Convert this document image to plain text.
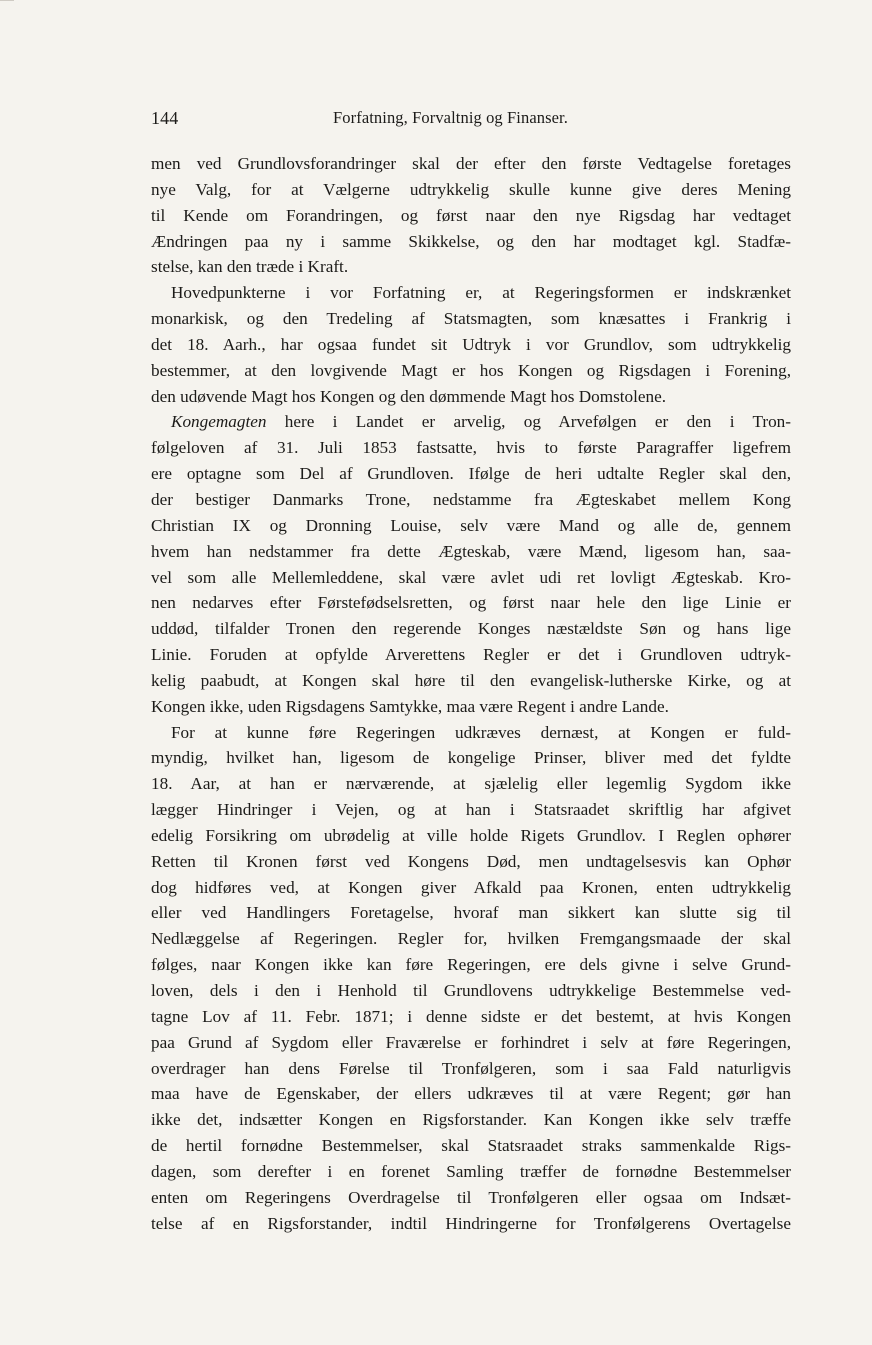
144	Forfatning, Forvaltnig og Finanser.
men ved Grundlovsforandringer skal der efter den første Vedtagelse foretages
nye Valg, for at Vælgerne udtrykkelig skulle kunne give deres Mening
til Kende om Forandringen, og først naar den nye Rigsdag har vedtaget
Ændringen paa ny i samme Skikkelse, og den har modtaget kgl. Stadfæ-
stelse, kan den træde i Kraft.
Hovedpunkterne i vor Forfatning er, at Regeringsformen er indskrænket
monarkisk, og den Tredeling af Statsmagten, som knæsattes i Frankrig i
det 18. Aarh., har ogsaa fundet sit Udtryk i vor Grundlov, som udtrykkelig
bestemmer, at den lovgivende Magt er hos Kongen og Rigsdagen i Forening,
den udøvende Magt hos Kongen og den dømmende Magt hos Domstolene.
Kongemagten here i Landet er arvelig, og Arvefølgen er den i Tron-
følgeloven af 31. Juli 1853 fastsatte, hvis to første Paragraffer ligefrem
ere optagne som Del af Grundloven. Ifølge de heri udtalte Regler skal den,
der bestiger Danmarks Trone, nedstamme fra Ægteskabet mellem Kong
Christian IX og Dronning Louise, selv være Mand og alle de, gennem
hvem han nedstammer fra dette Ægteskab, være Mænd, ligesom han, saa-
vel som alle Mellemleddene, skal være avlet udi ret lovligt Ægteskab. Kro-
nen nedarves efter Førstefødselsretten, og først naar hele den lige Linie er
uddød, tilfalder Tronen den regerende Konges næstældste Søn og hans lige
Linie. Foruden at opfylde Arverettens Regler er det i Grundloven udtryk-
kelig paabudt, at Kongen skal høre til den evangelisk-lutherske Kirke, og at
Kongen ikke, uden Rigsdagens Samtykke, maa være Regent i andre Lande.
For at kunne føre Regeringen udkræves dernæst, at Kongen er fuld-
myndig, hvilket han, ligesom de kongelige Prinser, bliver med det fyldte
18. Aar, at han er nærværende, at sjælelig eller legemlig Sygdom ikke
lægger Hindringer i Vejen, og at han i Statsraadet skriftlig har afgivet
edelig Forsikring om ubrødelig at ville holde Rigets Grundlov. I Reglen ophører
Retten til Kronen først ved Kongens Død, men undtagelsesvis kan Ophør
dog hidføres ved, at Kongen giver Afkald paa Kronen, enten udtrykkelig
eller ved Handlingers Foretagelse, hvoraf man sikkert kan slutte sig til
Nedlæggelse af Regeringen. Regler for, hvilken Fremgangsmaade der skal
følges, naar Kongen ikke kan føre Regeringen, ere dels givne i selve Grund-
loven, dels i den i Henhold til Grundlovens udtrykkelige Bestemmelse ved-
tagne Lov af 11. Febr. 1871; i denne sidste er det bestemt, at hvis Kongen
paa Grund af Sygdom eller Fraværelse er forhindret i selv at føre Regeringen,
overdrager han dens Førelse til Tronfølgeren, som i saa Fald naturligvis
maa have de Egenskaber, der ellers udkræves til at være Regent; gør han
ikke det, indsætter Kongen en Rigsforstander. Kan Kongen ikke selv træffe
de hertil fornødne Bestemmelser, skal Statsraadet straks sammenkalde Rigs-
dagen, som derefter i en forenet Samling træffer de fornødne Bestemmelser
enten om Regeringens Overdragelse til Tronfølgeren eller ogsaa om Indsæt-
telse af en Rigsforstander, indtil Hindringerne for Tronfølgerens Overtagelse
